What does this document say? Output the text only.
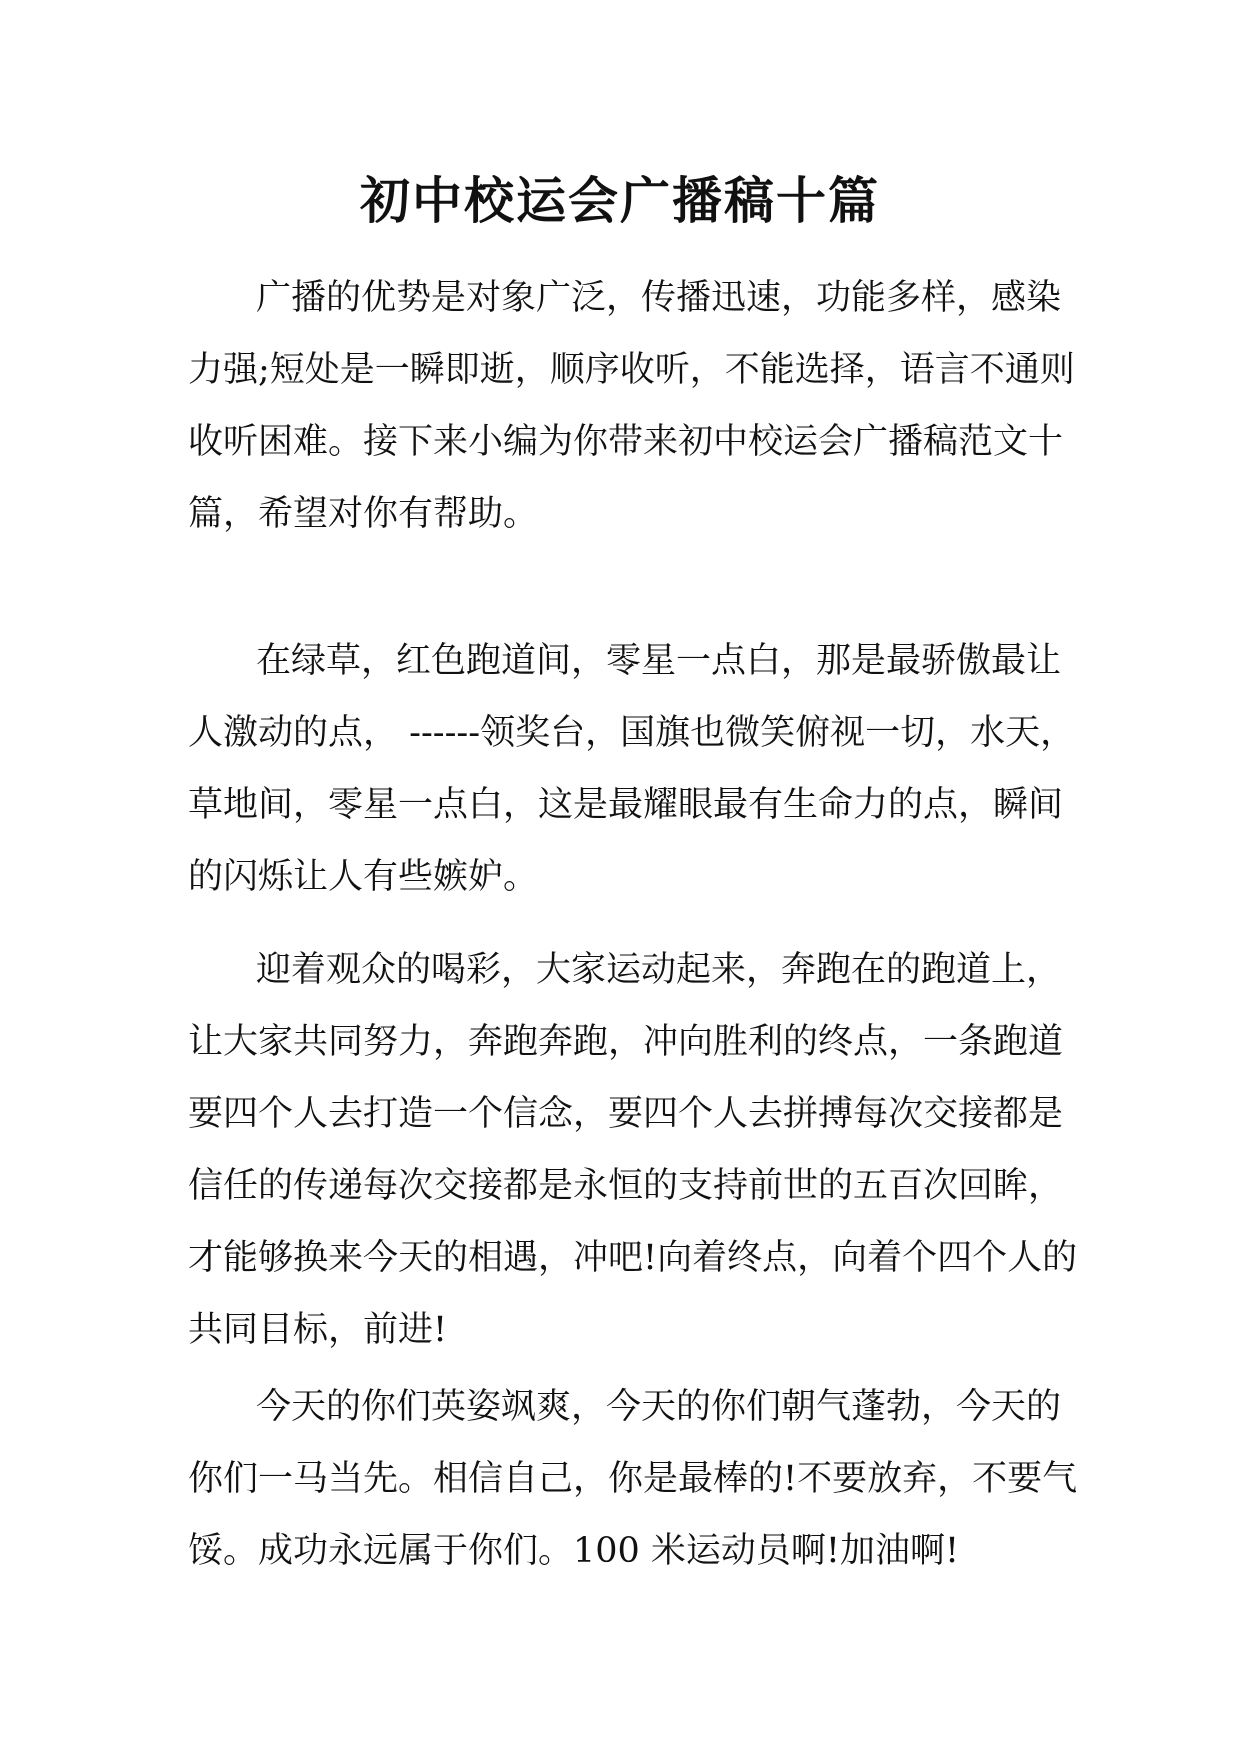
初中校运会广播稿十篇
广播的优势是对象广泛，传播迅速，功能多样，感染
力强;短处是一瞬即逝，顺序收听，不能选择，语言不通则
收听困难。接下来小编为你带来初中校运会广播稿范文十
篇，希望对你有帮助。
在绿草，红色跑道间，零星一点白，那是最骄傲最让
人激动的点， ------领奖台，国旗也微笑俯视一切，水天，
草地间，零星一点白，这是最耀眼最有生命力的点，瞬间
的闪烁让人有些嫉妒。
迎着观众的喝彩，大家运动起来，奔跑在的跑道上，
让大家共同努力，奔跑奔跑，冲向胜利的终点，一条跑道
要四个人去打造一个信念，要四个人去拼搏每次交接都是
信任的传递每次交接都是永恒的支持前世的五百次回眸，
才能够换来今天的相遇，冲吧!向着终点，向着个四个人的
共同目标，前进!
今天的你们英姿飒爽，今天的你们朝气蓬勃，今天的
你们一马当先。相信自己，你是最棒的!不要放弃，不要气
馁。成功永远属于你们。100 米运动员啊!加油啊!
